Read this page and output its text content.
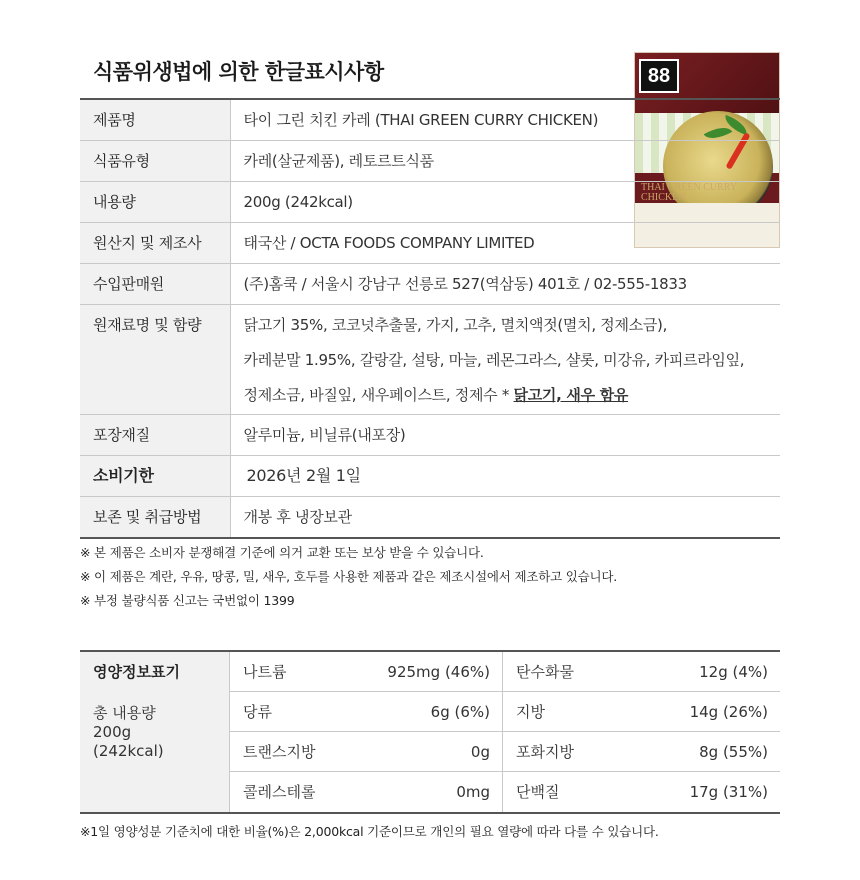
식품위생법에 의한 한글표시사항	88
THAI GREEN CURRY CHICKEN
제품명	타이 그린 치킨 카레 (THAI GREEN CURRY CHICKEN)
식품유형	카레(살균제품), 레토르트식품
내용량	200g (242kcal)
원산지 및 제조사	태국산 / OCTA FOODS COMPANY LIMITED
수입판매원	(주)홈쿡 / 서울시 강남구 선릉로 527(역삼동) 401호 / 02-555-1833
원재료명 및 함량	닭고기 35%, 코코넛추출물, 가지, 고추, 멸치액젓(멸치, 정제소금),
카레분말 1.95%, 갈랑갈, 설탕, 마늘, 레몬그라스, 샬롯, 미강유, 카피르라임잎,
정제소금, 바질잎, 새우페이스트, 정제수 * 닭고기, 새우 함유

포장재질	알루미늄, 비닐류(내포장)
소비기한	2026년 2월 1일
보존 및 취급방법	개봉 후 냉장보관
※ 본 제품은 소비자 분쟁해결 기준에 의거 교환 또는 보상 받을 수 있습니다.
※ 이 제품은 계란, 우유, 땅콩, 밀, 새우, 호두를 사용한 제품과 같은 제조시설에서 제조하고 있습니다.
※ 부정 불량식품 신고는 국번없이 1399
영양정보표기
총 내용량
200g
(242kcal)
나트륨	925mg (46%) 탄수화물	12g (4%)
당류	6g (6%) 지방	14g (26%)
트랜스지방	0g 포화지방	8g (55%)
콜레스테롤	0mg 단백질	17g (31%)
※1일 영양성분 기준치에 대한 비율(%)은 2,000kcal 기준이므로 개인의 필요 열량에 따라 다를 수 있습니다.
